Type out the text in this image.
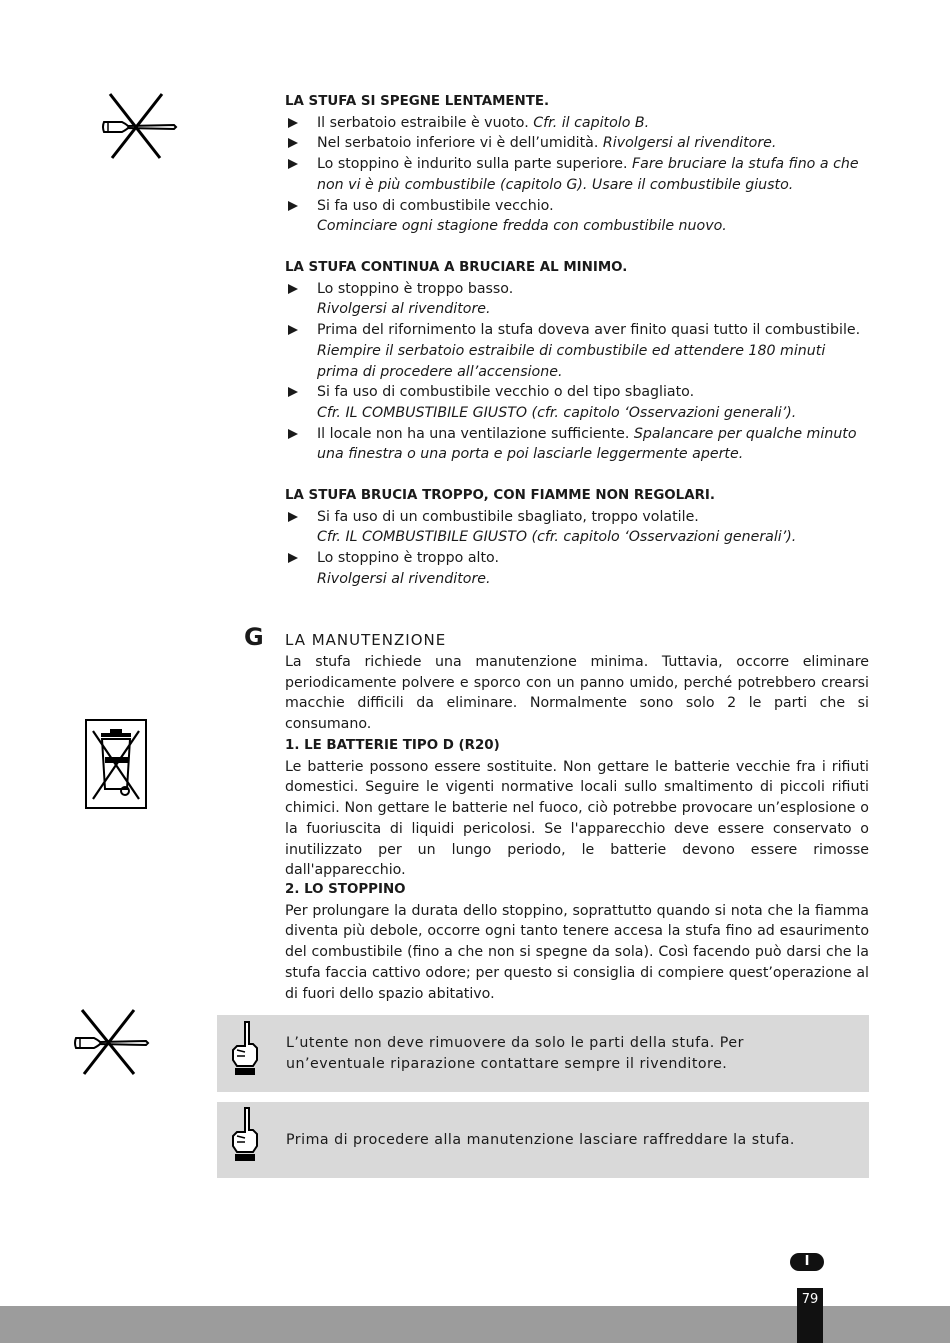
LA STUFA SI SPEGNE LENTAMENTE.
Il serbatoio estraibile è vuoto. Cfr. il capitolo B.
Nel serbatoio inferiore vi è dell’umidità. Rivolgersi al rivenditore.
Lo stoppino è indurito sulla parte superiore. Fare bruciare la stufa fino a che non vi è più combustibile (capitolo G). Usare il combustibile giusto.
Si fa uso di combustibile vecchio.
Cominciare ogni stagione fredda con combustibile nuovo.
LA STUFA CONTINUA A BRUCIARE AL MINIMO.
Lo stoppino è troppo basso.
Rivolgersi al rivenditore.
Prima del rifornimento la stufa doveva aver finito quasi tutto il combustibile.
Riempire il serbatoio estraibile di combustibile ed attendere 180 minuti prima di procedere all’accensione.
Si fa uso di combustibile vecchio o del tipo sbagliato.
Cfr. IL COMBUSTIBILE GIUSTO (cfr. capitolo ‘Osservazioni generali’).
Il locale non ha una ventilazione sufficiente. Spalancare per qualche minuto una finestra o una porta e poi lasciarle leggermente aperte.
LA STUFA BRUCIA TROPPO, CON FIAMME NON REGOLARI.
Si fa uso di un combustibile sbagliato, troppo volatile.
Cfr. IL COMBUSTIBILE GIUSTO (cfr. capitolo ‘Osservazioni generali’).
Lo stoppino è troppo alto.
Rivolgersi al rivenditore.
G LA MANUTENZIONE

La stufa richiede una manutenzione minima. Tuttavia, occorre eliminare periodicamente polvere e sporco con un panno umido, perché potrebbero crearsi macchie difficili da eliminare. Normalmente sono solo 2 le parti che si consumano.

1. LE BATTERIE TIPO D (R20)

Le batterie possono essere sostituite. Non gettare le batterie vecchie fra i rifiuti domestici. Seguire le vigenti normative locali sullo smaltimento di piccoli rifiuti chimici. Non gettare le batterie nel fuoco, ciò potrebbe provocare un’esplosione o la fuoriuscita di liquidi pericolosi. Se l'apparecchio deve essere conservato o inutilizzato per un lungo periodo, le batterie devono essere rimosse dall'apparecchio.

2. LO STOPPINO

Per prolungare la durata dello stoppino, soprattutto quando si nota che la fiamma diventa più debole, occorre ogni tanto tenere accesa la stufa fino ad esaurimento del combustibile (fino a che non si spegne da sola). Così facendo può darsi che la stufa faccia cattivo odore; per questo si consiglia di compiere quest’operazione al di fuori dello spazio abitativo.

L’utente non deve rimuovere da solo le parti della stufa. Per un’eventuale riparazione contattare sempre il rivenditore.
Prima di procedere alla manutenzione lasciare raffreddare la stufa.
I
79
